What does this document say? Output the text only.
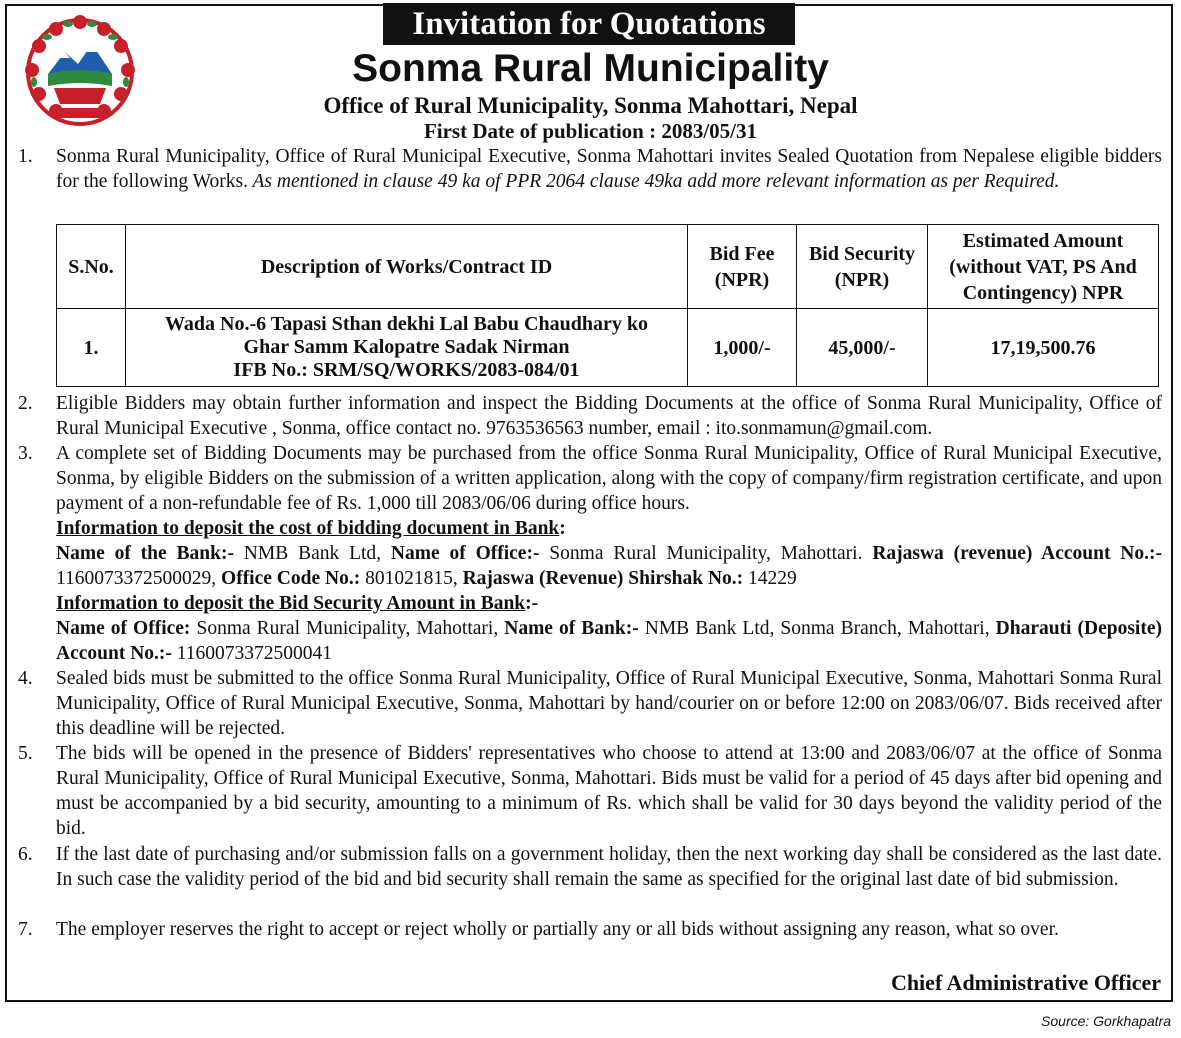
Invitation for Quotations
Sonma Rural Municipality
Office of Rural Municipality, Sonma Mahottari, Nepal
First Date of publication : 2083/05/31
1. Sonma Rural Municipality, Office of Rural Municipal Executive, Sonma Mahottari invites Sealed Quotation from Nepalese eligible bidders for the following Works. As mentioned in clause 49 ka of PPR 2064 clause 49ka add more relevant information as per Required.
S.No.	Description of Works/Contract ID	Bid Fee (NPR)	Bid Security (NPR)	Estimated Amount (without VAT, PS And Contingency) NPR
1.	Wada No.-6 Tapasi Sthan dekhi Lal Babu Chaudhary ko
Ghar Samm Kalopatre Sadak Nirman
IFB No.: SRM/SQ/WORKS/2083-084/01	1,000/-	45,000/-	17,19,500.76
2. Eligible Bidders may obtain further information and inspect the Bidding Documents at the office of Sonma Rural Municipality, Office of Rural Municipal Executive , Sonma, office contact no. 9763536563 number, email : ito.sonmamun@gmail.com.
3. A complete set of Bidding Documents may be purchased from the office Sonma Rural Municipality, Office of Rural Municipal Executive, Sonma, by eligible Bidders on the submission of a written application, along with the copy of company/firm registration certificate, and upon payment of a non-refundable fee of Rs. 1,000 till 2083/06/06 during office hours.
Information to deposit the cost of bidding document in Bank:
Name of the Bank:- NMB Bank Ltd, Name of Office:- Sonma Rural Municipality, Mahottari. Rajaswa (revenue) Account No.:- 1160073372500029, Office Code No.: 801021815, Rajaswa (Revenue) Shirshak No.: 14229
Information to deposit the Bid Security Amount in Bank:-
Name of Office: Sonma Rural Municipality, Mahottari, Name of Bank:- NMB Bank Ltd, Sonma Branch, Mahottari, Dharauti (Deposite) Account No.:- 1160073372500041
4. Sealed bids must be submitted to the office Sonma Rural Municipality, Office of Rural Municipal Executive, Sonma, Mahottari Sonma Rural Municipality, Office of Rural Municipal Executive, Sonma, Mahottari by hand/courier on or before 12:00 on 2083/06/07. Bids received after this deadline will be rejected.
5. The bids will be opened in the presence of Bidders' representatives who choose to attend at 13:00 and 2083/06/07 at the office of Sonma Rural Municipality, Office of Rural Municipal Executive, Sonma, Mahottari. Bids must be valid for a period of 45 days after bid opening and must be accompanied by a bid security, amounting to a minimum of Rs. which shall be valid for 30 days beyond the validity period of the bid.
6. If the last date of purchasing and/or submission falls on a government holiday, then the next working day shall be considered as the last date. In such case the validity period of the bid and bid security shall remain the same as specified for the original last date of bid submission.
7. The employer reserves the right to accept or reject wholly or partially any or all bids without assigning any reason, what so over.
Chief Administrative Officer
Source: Gorkhapatra
